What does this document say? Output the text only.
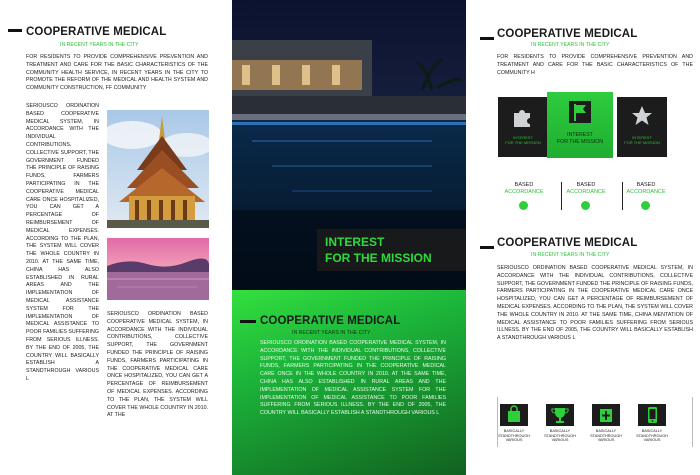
COOPERATIVE MEDICAL
IN RECENT YEARS IN THE CITY
FOR RESIDENTS TO PROVIDE COMPREHENSIVE PREVENTION AND TREATMENT AND CARE FOR THE BASIC CHARACTERISTICS OF THE COMMUNITY HEALTH SERVICE, IN RECENT YEARS IN THE CITY TO PROMOTE THE REFORM OF THE MEDICAL AND HEALTH SYSTEM AND COMMUNITY CONSTRUCTION, FF COMMUNITY
SERIOUSCO ORDINATION BASED COOPERATIVE MEDICAL SYSTEM, IN ACCORDANCE WITH THE INDIVIDUAL CONTRIBUTIONS, COLLECTIVE SUPPORT, THE GOVERNMENT FUNDED THE PRINCIPLE OF RAISING FUNDS, FARMERS PARTICIPATING IN THE COOPERATIVE MEDICAL CARE ONCE HOSPITALIZED, YOU CAN GET A PERCENTAGE OF REIMBURSEMENT OF MEDICAL EXPENSES. ACCORDING TO THE PLAN, THE SYSTEM WILL COVER THE WHOLE COUNTRY IN 2010. AT THE SAME TIME, CHINA HAS ALSO ESTABLISHED IN RURAL AREAS AND THE IMPLEMENTATION OF MEDICAL ASSISTANCE SYSTEM FOR THE IMPLEMENTATION OF MEDICAL ASSISTANCE TO POOR FAMILIES SUFFERING FROM SERIOUS ILLNESS. BY THE END OF 2005, THE COUNTRY WILL BASICALLY ESTABLISH A STANDTHROUGH VARIOUS L
SERIOUSCO ORDINATION BASED COOPERATIVE MEDICAL SYSTEM, IN ACCORDANCE WITH THE INDIVIDUAL CONTRIBUTIONS, COLLECTIVE SUPPORT, THE GOVERNMENT FUNDED THE PRINCIPLE OF RAISING FUNDS, FARMERS PARTICIPATING IN THE COOPERATIVE MEDICAL CARE ONCE HOSPITALIZED, YOU CAN GET A PERCENTAGE OF REIMBURSEMENT OF MEDICAL EXPENSES. ACCORDING TO THE PLAN, THE SYSTEM WILL COVER THE WHOLE COUNTRY IN 2010. AT THE
INTEREST
FOR THE MISSION
COOPERATIVE MEDICAL
IN RECENT YEARS IN THE CITY
SERIOUSCO ORDINATION BASED COOPERATIVE MEDICAL SYSTEM, IN ACCORDANCE WITH THE INDIVIDUAL CONTRIBUTIONS, COLLECTIVE SUPPORT, THE GOVERNMENT FUNDED THE PRINCIPLE OF RAISING FUNDS, FARMERS PARTICIPATING IN THE COOPERATIVE MEDICAL CARE ONCE IN THE WHOLE COUNTRY IN 2010. AT THE SAME TIME, CHINA HAS ALSO ESTABLISHED IN RURAL AREAS AND THE IMPLEMENTATION OF MEDICAL ASSISTANCE SYSTEM FOR THE IMPLEMENTATION OF MEDICAL ASSISTANCE TO POOR FAMILIES SUFFERING FROM SERIOUS ILLNESS. BY THE END OF 2005, THE COUNTRY WILL BASICALLY ESTABLISH A STANDTHROUGH VARIOUS L
COOPERATIVE MEDICAL
IN RECENT YEARS IN THE CITY
FOR RESIDENTS TO PROVIDE COMPREHENSIVE PREVENTION AND TREATMENT AND CARE FOR THE BASIC CHARACTERISTICS OF THE COMMUNITY H
INTEREST
FOR THE MISSION
INTEREST
FOR THE MISSION
INTEREST
FOR THE MISSION
BASED
ACCORDANCE
BASED
ACCORDANCE
BASED
ACCORDANCE
COOPERATIVE MEDICAL
IN RECENT YEARS IN THE CITY
SERIOUSCO ORDINATION BASED COOPERATIVE MEDICAL SYSTEM, IN ACCORDANCE WITH THE INDIVIDUAL CONTRIBUTIONS, COLLECTIVE SUPPORT, THE GOVERNMENT FUNDED THE PRINCIPLE OF RAISING FUNDS, FARMERS PARTICIPATING IN THE COOPERATIVE MEDICAL CARE ONCE HOSPITALIZED, YOU CAN GET A PERCENTAGE OF REIMBURSEMENT OF MEDICAL EXPENSES. ACCORDING TO THE PLAN, THE SYSTEM WILL COVER THE WHOLE COUNTRY IN 2010. AT THE SAME TIME, CHINA MENTATION OF MEDICAL ASSISTANCE TO POOR FAMILIES SUFFERING FROM SERIOUS ILLNESS. BY THE END OF 2005, THE COUNTRY WILL BASICALLY ESTABLISH A STANDTHROUGH VARIOUS L
BASICALLY
STANDTHROUGH
VARIOUS
BASICALLY
STANDTHROUGH
VARIOUS
BASICALLY
STANDTHROUGH
VARIOUS
BASICALLY
STANDTHROUGH
VARIOUS
